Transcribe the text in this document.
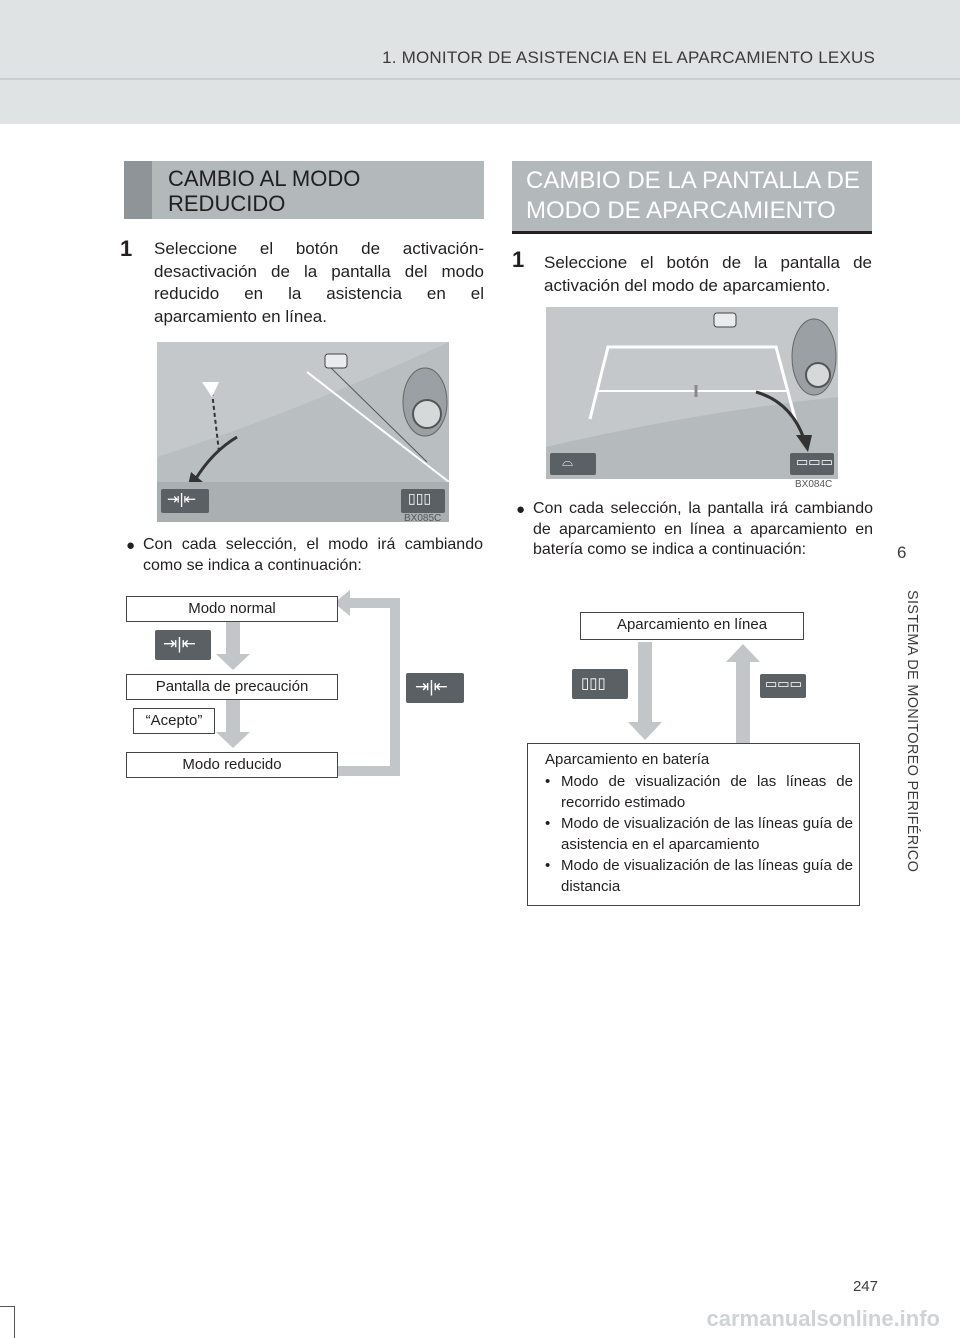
1. MONITOR DE ASISTENCIA EN EL APARCAMIENTO LEXUS
6
SISTEMA DE MONITOREO PERIFÉRICO
CAMBIO AL MODO REDUCIDO
1 Seleccione el botón de activación-desactivación de la pantalla del modo reducido en la asistencia en el aparcamiento en línea.
⇥|⇤	▯▯▯
BX085C
● Con cada selección, el modo irá cambiando como se indica a continuación:
Modo normal
⇥|⇤
Pantalla de precaución
“Acepto”
Modo reducido
⇥|⇤
CAMBIO DE LA PANTALLA DE MODO DE APARCAMIENTO
1 Seleccione el botón de la pantalla de activación del modo de aparcamiento.
⌓	▭▭▭
BX084C
● Con cada selección, la pantalla irá cambiando de aparcamiento en línea a aparcamiento en batería como se indica a continuación:
Aparcamiento en línea
▯▯▯	▭▭▭
Aparcamiento en batería
• Modo de visualización de las líneas de recorrido estimado
• Modo de visualización de las líneas guía de asistencia en el aparcamiento
• Modo de visualización de las líneas guía de distancia
247
carmanualsonline.info
